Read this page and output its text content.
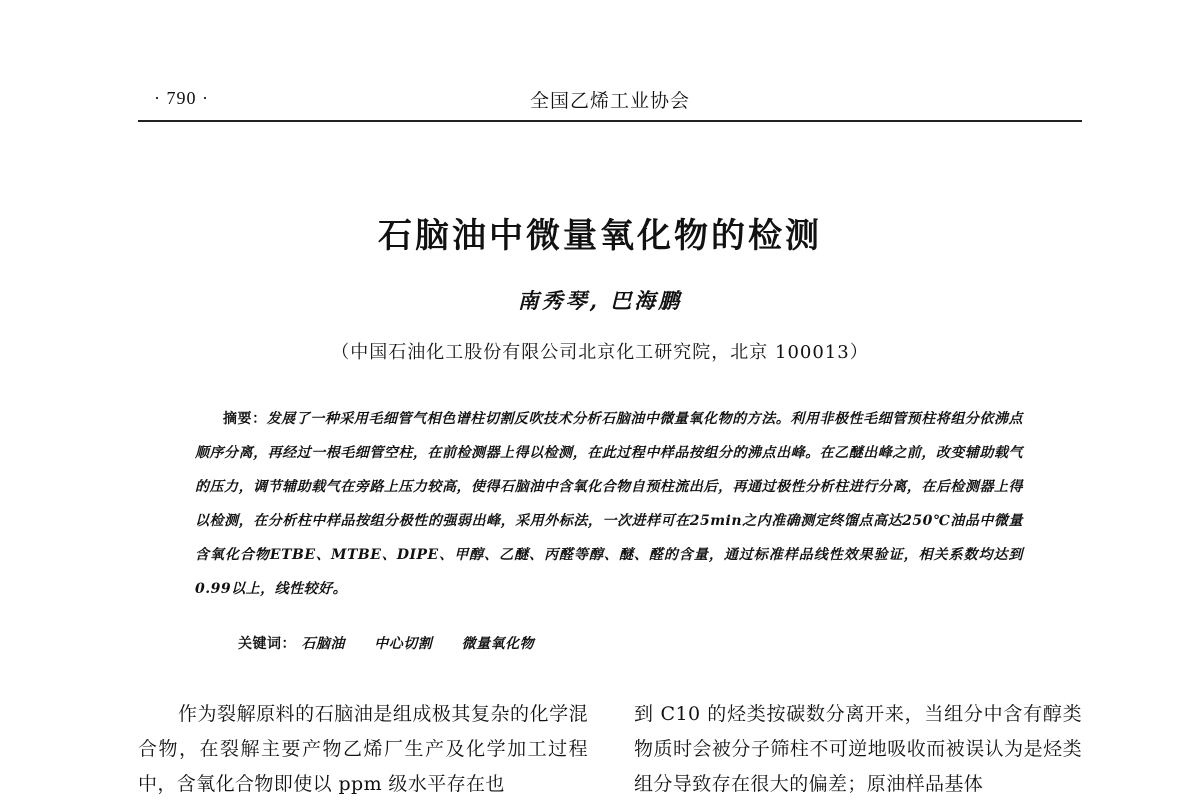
· 790 ·	全国乙烯工业协会
石脑油中微量氧化物的检测
南秀琴, 巴海鹏
（中国石油化工股份有限公司北京化工研究院，北京 100013）
摘要：发展了一种采用毛细管气相色谱柱切割反吹技术分析石脑油中微量氧化物的方法。利用非极性毛细管预柱将组分依沸点顺序分离，再经过一根毛细管空柱，在前检测器上得以检测，在此过程中样品按组分的沸点出峰。在乙醚出峰之前，改变辅助载气的压力，调节辅助载气在旁路上压力较高，使得石脑油中含氧化合物自预柱流出后，再通过极性分析柱进行分离，在后检测器上得以检测，在分析柱中样品按组分极性的强弱出峰，采用外标法，一次进样可在25min之内准确测定终馏点高达250℃油品中微量含氧化合物ETBE、MTBE、DIPE、甲醇、乙醚、丙醛等醇、醚、醛的含量，通过标准样品线性效果验证，相关系数均达到0.99以上，线性较好。
关键词： 石脑油 中心切割 微量氧化物

作为裂解原料的石脑油是组成极其复杂的化学混合物，在裂解主要产物乙烯厂生产及化学加工过程中，含氧化合物即使以 ppm 级水平存在也

到 C10 的烃类按碳数分离开来，当组分中含有醇类物质时会被分子筛柱不可逆地吸收而被误认为是烃类组分导致存在很大的偏差；原油样品基体
